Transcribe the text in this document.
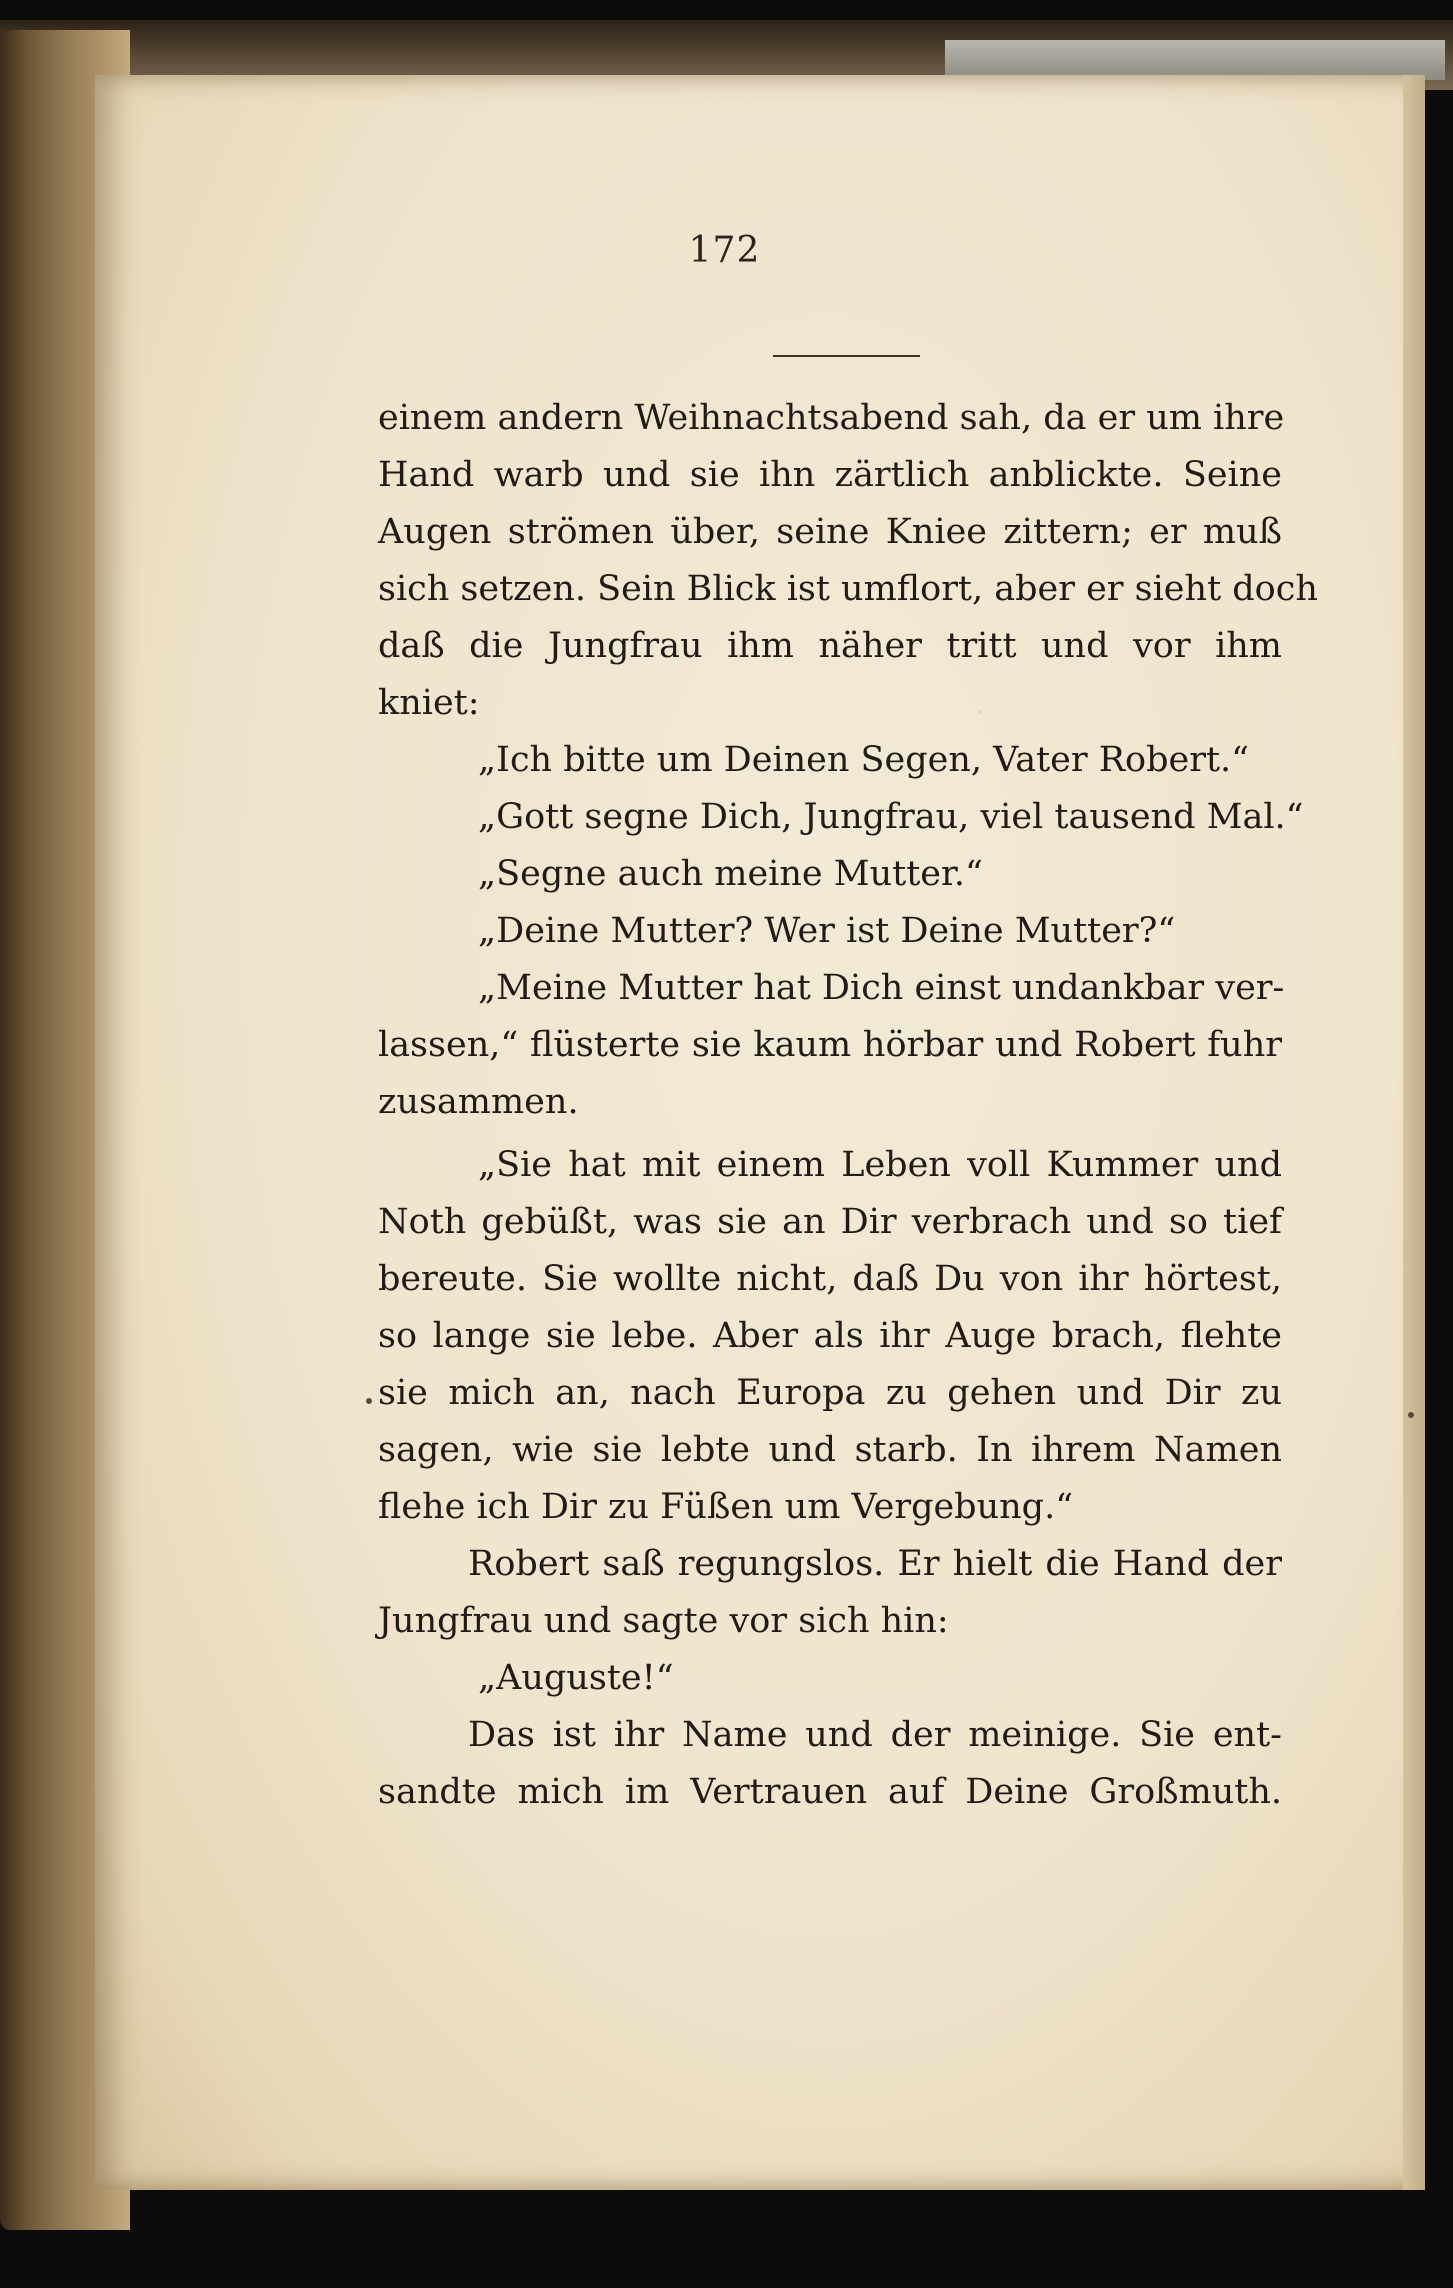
·
172
einem andern Weihnachtsabend sah, da er um ihre
Hand warb und sie ihn zärtlich anblickte. Seine
Augen strömen über, seine Kniee zittern; er muß
sich setzen. Sein Blick ist umflort, aber er sieht doch
daß die Jungfrau ihm näher tritt und vor ihm
kniet:
„Ich bitte um Deinen Segen, Vater Robert.“
„Gott segne Dich, Jungfrau, viel tausend Mal.“
„Segne auch meine Mutter.“
„Deine Mutter? Wer ist Deine Mutter?“
„Meine Mutter hat Dich einst undankbar ver-
lassen,“ flüsterte sie kaum hörbar und Robert fuhr
zusammen.
„Sie hat mit einem Leben voll Kummer und
Noth gebüßt, was sie an Dir verbrach und so tief
bereute. Sie wollte nicht, daß Du von ihr hörtest,
so lange sie lebe. Aber als ihr Auge brach, flehte
sie mich an, nach Europa zu gehen und Dir zu
sagen, wie sie lebte und starb. In ihrem Namen
flehe ich Dir zu Füßen um Vergebung.“
Robert saß regungslos. Er hielt die Hand der
Jungfrau und sagte vor sich hin:
„Auguste!“
Das ist ihr Name und der meinige. Sie ent-
sandte mich im Vertrauen auf Deine Großmuth.
